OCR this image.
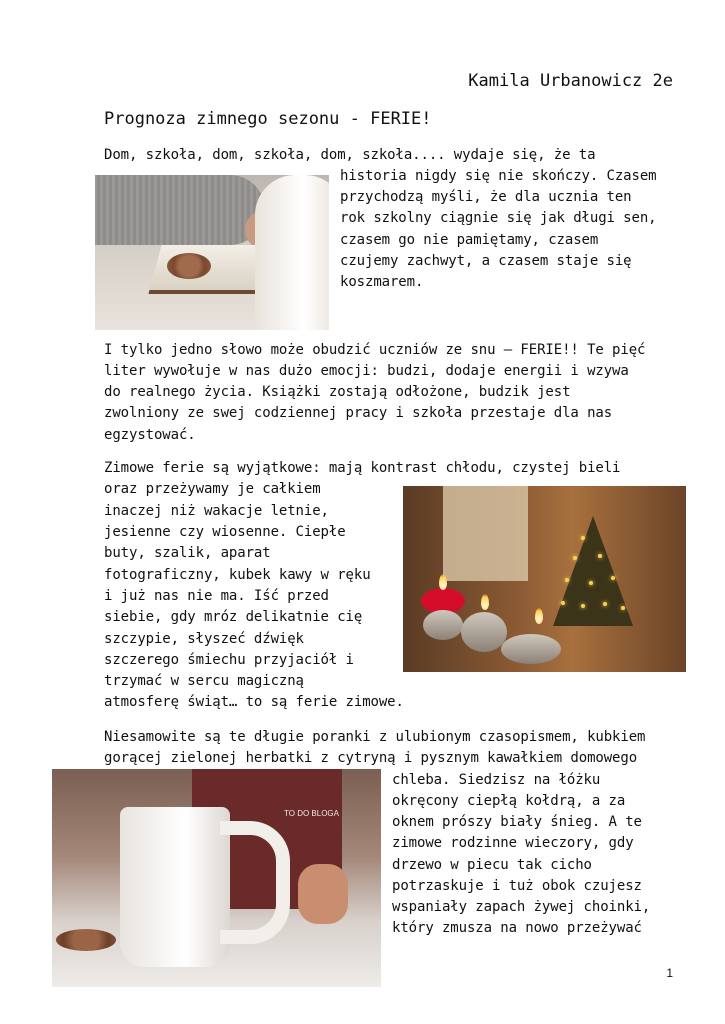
Kamila Urbanowicz 2e
Prognoza zimnego sezonu - FERIE!

Dom, szkoła, dom, szkoła, dom, szkoła.... wydaje się, że ta

historia nigdy się nie skończy. Czasem

przychodzą myśli, że dla ucznia ten

rok szkolny ciągnie się jak długi sen,

czasem go nie pamiętamy, czasem

czujemy zachwyt, a czasem staje się

koszmarem.

I tylko jedno słowo może obudzić uczniów ze snu – FERIE!! Te pięć

liter wywołuje w nas dużo emocji: budzi, dodaje energii i wzywa

do realnego życia. Książki zostają odłożone, budzik jest

zwolniony ze swej codziennej pracy i szkoła przestaje dla nas

egzystować.

Zimowe ferie są wyjątkowe: mają kontrast chłodu, czystej bieli

oraz przeżywamy je całkiem

inaczej niż wakacje letnie,

jesienne czy wiosenne. Ciepłe

buty, szalik, aparat

fotograficzny, kubek kawy w ręku

i już nas nie ma. Iść przed

siebie, gdy mróz delikatnie cię

szczypie, słyszeć dźwięk

szczerego śmiechu przyjaciół i

trzymać w sercu magiczną

atmosferę świąt… to są ferie zimowe.

Niesamowite są te długie poranki z ulubionym czasopismem, kubkiem

gorącej zielonej herbatki z cytryną i pysznym kawałkiem domowego

chleba. Siedzisz na łóżku

okręcony ciepłą kołdrą, a za

oknem prószy biały śnieg. A te

zimowe rodzinne wieczory, gdy

drzewo w piecu tak cicho

potrzaskuje i tuż obok czujesz

wspaniały zapach żywej choinki,

który zmusza na nowo przeżywać

TO DO BLOGA
1
